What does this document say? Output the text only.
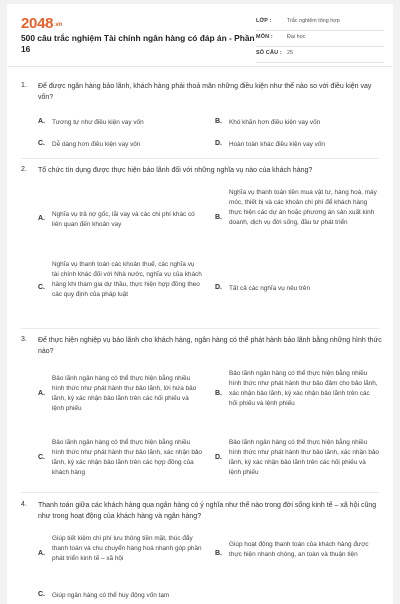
2048.vn
500 câu trắc nghiệm Tài chính ngân hàng có đáp án - Phần 16
LỚP :	Trắc nghiệm tổng hợp
MÔN :	Đại học
SỐ CÂU : 25
1. Để được ngân hàng bảo lãnh, khách hàng phải thoả mãn những điều kiện như thế nào so với điều kiện vay vốn?
A. Tương tự như điều kiện vay vốn	B. Khó khăn hơn điều kiện vay vốn
C. Dễ dàng hơn điều kiện vay vốn	D. Hoàn toàn khác điều kiện vay vốn
2. Tổ chức tín dụng được thực hiện bảo lãnh đối với những nghĩa vụ nào của khách hàng?
A.
Nghĩa vụ trả nợ gốc, lãi vay và các chi phí khác có liên quan đến khoản vay
B.
Nghĩa vụ thanh toán tiền mua vật tư, hàng hoá, máy móc, thiết bị và các khoản chi phí để khách hàng thực hiện các dự án hoặc phương án sản xuất kinh doanh, dịch vụ đời sống, đầu tư phát triển
C.
Nghĩa vụ thanh toán các khoản thuế, các nghĩa vụ tài chính khác đối với Nhà nước, nghĩa vụ của khách hàng khi tham gia dự thầu, thực hiện hợp đồng theo các quy định của pháp luật
D. Tất cả các nghĩa vụ nêu trên
3. Để thực hiện nghiệp vụ bảo lãnh cho khách hàng, ngân hàng có thể phát hành bảo lãnh bằng những hình thức nào?
A.
Bảo lãnh ngân hàng có thể thực hiện bằng nhiều hình thức như phát hành thư bảo lãnh, lời hứa bảo lãnh, ký xác nhận bảo lãnh trên các hối phiếu và lệnh phiếu
B.
Bảo lãnh ngân hàng có thể thực hiện bằng nhiều hình thức như phát hành thư bảo đảm cho bảo lãnh, xác nhận bảo lãnh, ký xác nhận bảo lãnh trên các hối phiếu và lệnh phiếu
C.
Bảo lãnh ngân hàng có thể thực hiện bằng nhiều hình thức như phát hành thư bảo lãnh, xác nhận bảo lãnh, ký xác nhận bảo lãnh trên các hợp đồng của khách hàng
D.
Bảo lãnh ngân hàng có thể thực hiện bằng nhiều hình thức như phát hành thư bảo lãnh, xác nhận bảo lãnh, ký xác nhận bảo lãnh trên các hối phiếu và lệnh phiếu
4. Thanh toán giữa các khách hàng qua ngân hàng có ý nghĩa như thế nào trong đời sống kinh tế – xã hội cũng như trong hoạt động của khách hàng và ngân hàng?
A.
Giúp tiết kiệm chi phí lưu thông tiền mặt, thúc đẩy thanh toán và chu chuyển hàng hoá nhanh góp phần phát triển kinh tế – xã hội
B.
Giúp hoạt động thanh toán của khách hàng được thực hiện nhanh chóng, an toàn và thuận tiện
C. Giúp ngân hàng có thể huy động vốn tạm
